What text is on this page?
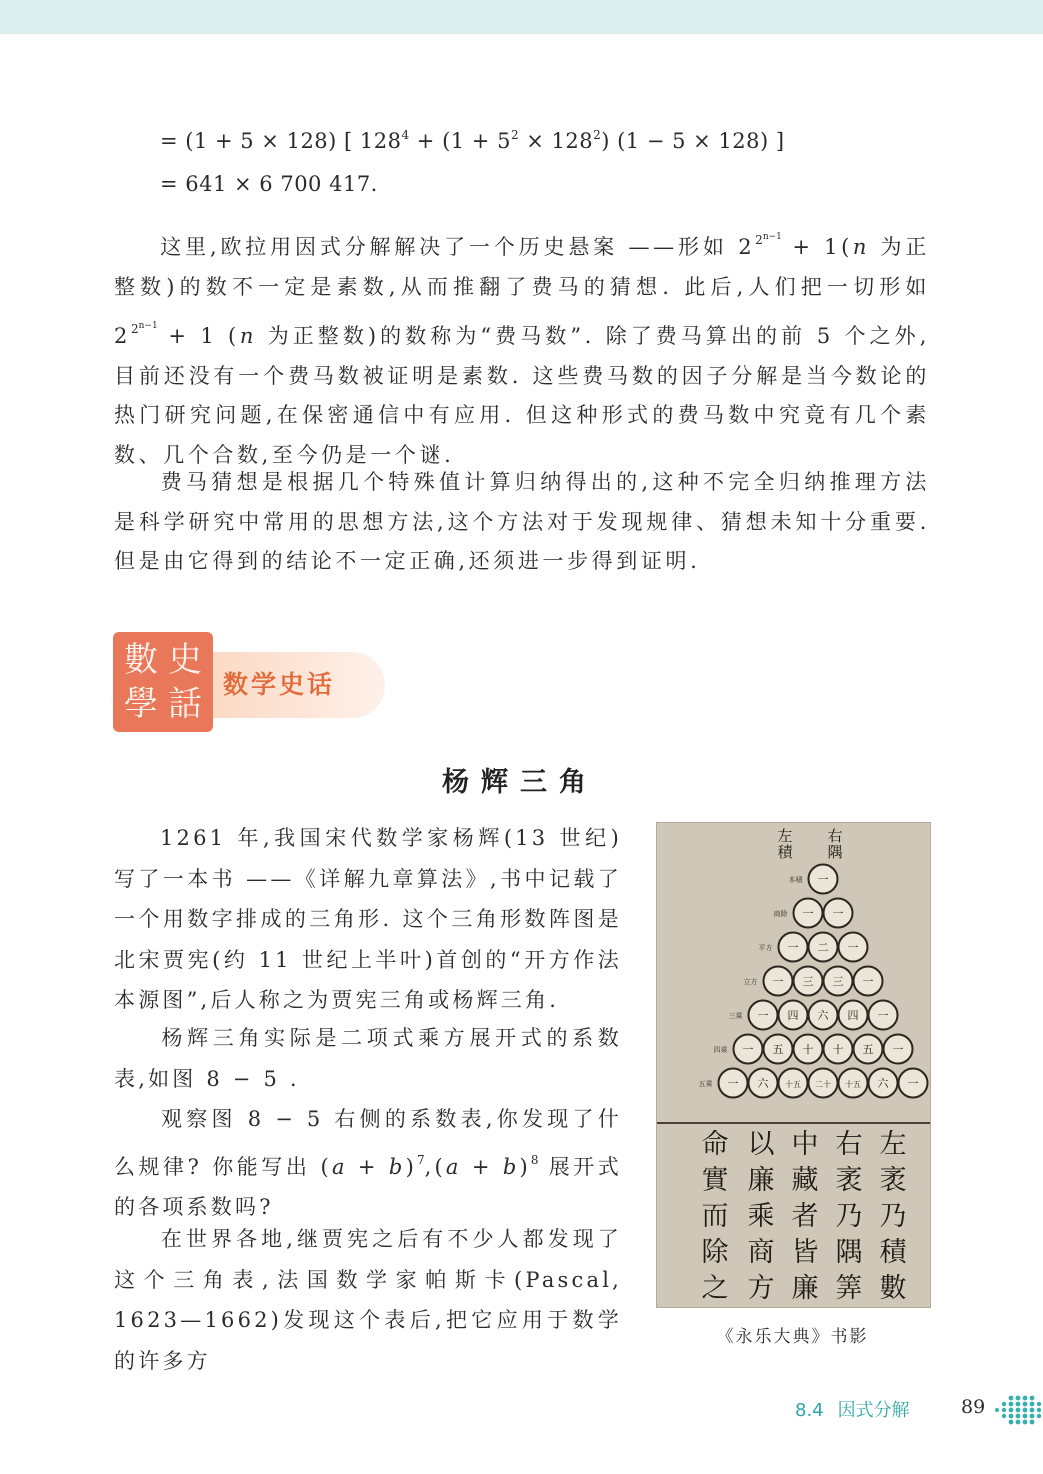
= (1 + 5 × 128) [ $128^4 + (1 + 5^2 \times 128^2) (1 - 5 \times 128)$ ]
= 641 × 6 700 417.
这里,欧拉用因式分解解决了一个历史悬案 ——形如 $2^{2^{n-1}} + 1(n$ 为正整数)的数不一定是素数,从而推翻了费马的猜想. 此后,人们把一切形如 $2^{2^{n-1}} + 1$ (n 为正整数)的数称为“费马数”. 除了费马算出的前 5 个之外,目前还没有一个费马数被证明是素数. 这些费马数的因子分解是当今数论的热门研究问题,在保密通信中有应用. 但这种形式的费马数中究竟有几个素数、几个合数,至今仍是一个谜.
费马猜想是根据几个特殊值计算归纳得出的,这种不完全归纳推理方法是科学研究中常用的思想方法,这个方法对于发现规律、猜想未知十分重要. 但是由它得到的结论不一定正确,还须进一步得到证明.
数学史话
數 史
學 話
杨辉三角
1261 年,我国宋代数学家杨辉(13 世纪)写了一本书 ——《详解九章算法》,书中记载了一个用数字排成的三角形. 这个三角形数阵图是北宋贾宪(约 11 世纪上半叶)首创的“开方作法本源图”,后人称之为贾宪三角或杨辉三角.
杨辉三角实际是二项式乘方展开式的系数表,如图 8 − 5 .
观察图 8 − 5 右侧的系数表,你发现了什么规律? 你能写出 $(a + b)^7,(a + b)^8$ 展开式的各项系数吗?
在世界各地,继贾宪之后有不少人都发现了这个三角表,法国数学家帕斯卡(Pascal, 1623—1662)发现这个表后,把它应用于数学的许多方
一
本積
一 一
商除
一 二 一
平方
一 三 三 一
立方
一 四 六 四 一
三乘
一 五 十 十 五 一
四乘
一 六 十五 二十 十五 六 一
五乘
左
積
右
隅
左
袤
乃
積
數
右
袤
乃
隅
筭
中
藏
者
皆
廉
以
廉
乘
商
方
命
實
而
除
之
《永乐大典》书影
8.4 因式分解	89
